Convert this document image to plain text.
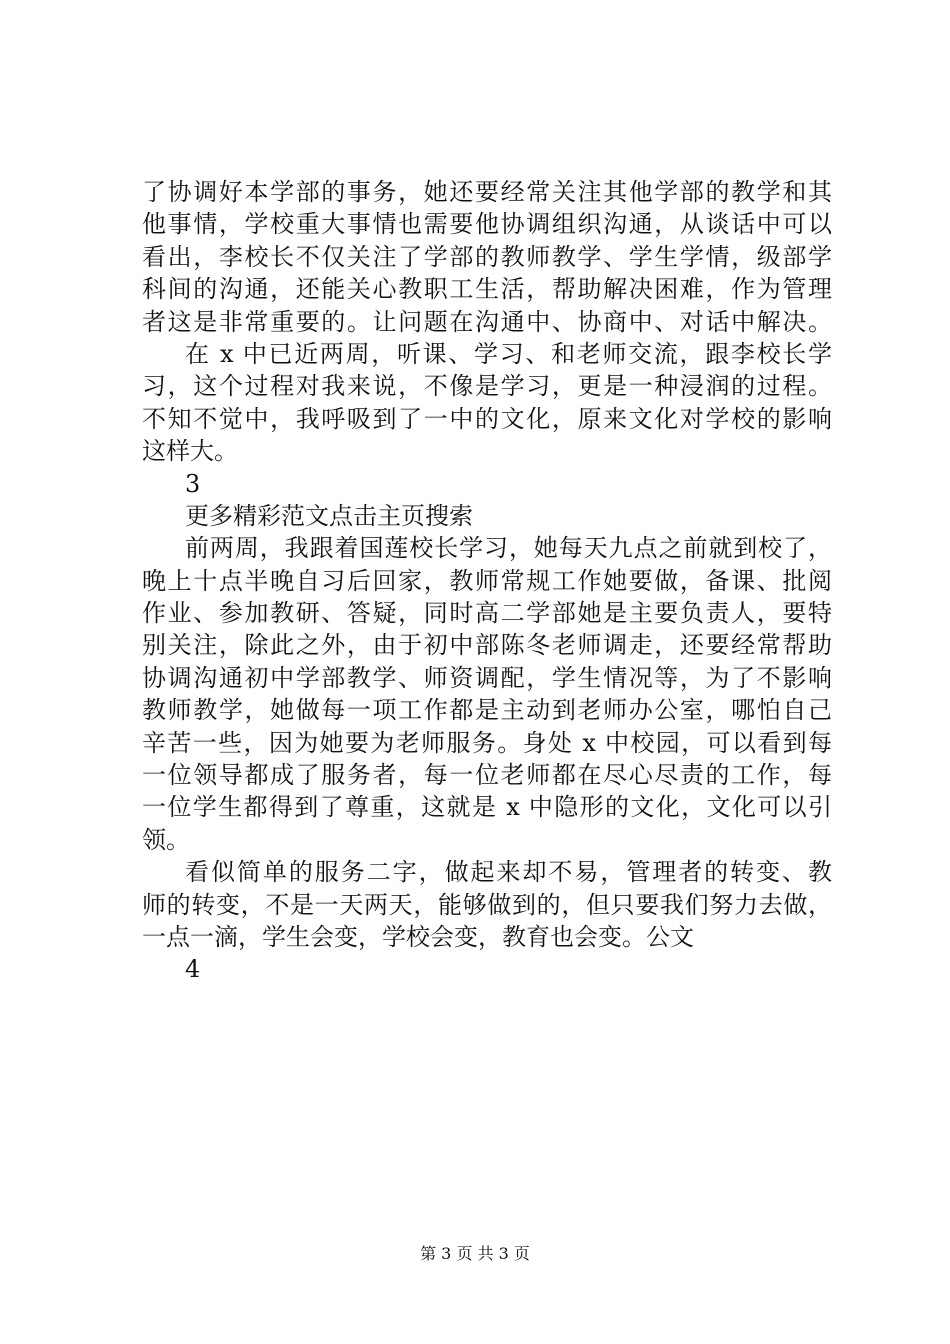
了协调好本学部的事务，她还要经常关注其他学部的教学和其
他事情，学校重大事情也需要他协调组织沟通，从谈话中可以
看出，李校长不仅关注了学部的教师教学、学生学情，级部学
科间的沟通，还能关心教职工生活，帮助解决困难，作为管理
者这是非常重要的。让问题在沟通中、协商中、对话中解决。
在 x 中已近两周，听课、学习、和老师交流，跟李校长学
习，这个过程对我来说，不像是学习，更是一种浸润的过程。
不知不觉中，我呼吸到了一中的文化，原来文化对学校的影响
这样大。
3
更多精彩范文点击主页搜索
前两周，我跟着国莲校长学习，她每天九点之前就到校了，
晚上十点半晚自习后回家，教师常规工作她要做，备课、批阅
作业、参加教研、答疑，同时高二学部她是主要负责人，要特
别关注，除此之外，由于初中部陈冬老师调走，还要经常帮助
协调沟通初中学部教学、师资调配，学生情况等，为了不影响
教师教学，她做每一项工作都是主动到老师办公室，哪怕自己
辛苦一些，因为她要为老师服务。身处 x 中校园，可以看到每
一位领导都成了服务者，每一位老师都在尽心尽责的工作，每
一位学生都得到了尊重，这就是 x 中隐形的文化，文化可以引
领。
看似简单的服务二字，做起来却不易，管理者的转变、教
师的转变，不是一天两天，能够做到的，但只要我们努力去做，
一点一滴，学生会变，学校会变，教育也会变。公文
4
第 3 页 共 3 页
